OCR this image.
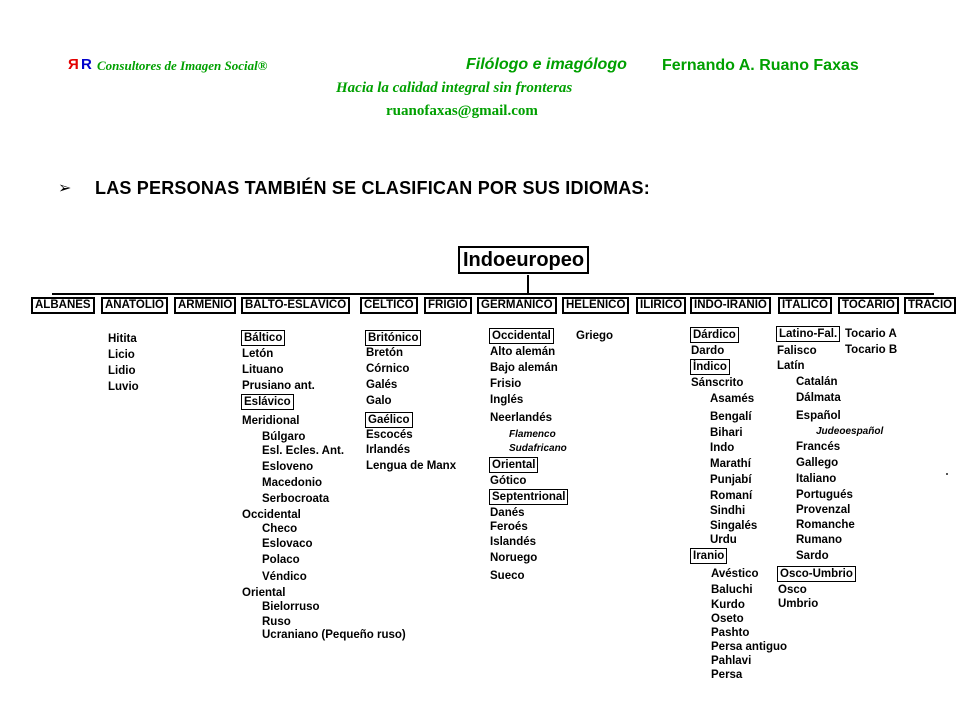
Я R Consultores de Imagen Social®	Filólogo e imagólogo Fernando A. Ruano Faxas
Hacia la calidad integral sin fronteras
ruanofaxas@gmail.com
➢ LAS PERSONAS TAMBIÉN SE CLASIFICAN POR SUS IDIOMAS:
Indoeuropeo
ALBANÉS	ANATOLIO	ARMENIO	BALTO-ESLÁVICO	CÉLTICO	FRIGIO	GERMÁNICO	HELÉNICO	ILÍRICO	INDO-IRANIO	ITÁLICO	TOCARIO	TRACIO
Hitita
Licio
Lidio
Luvio
Báltico
Letón
Lituano
Prusiano ant.
Eslávico
Meridional
Búlgaro
Esl. Ecles. Ant.
Esloveno
Macedonio
Serbocroata
Occidental
Checo
Eslovaco
Polaco
Véndico
Oriental
Bielorruso
Ruso
Ucraniano (Pequeño ruso)
Britónico
Bretón
Córnico
Galés
Galo
Gaélico
Escocés
Irlandés
Lengua de Manx
Occidental
Alto alemán
Bajo alemán
Frisio
Inglés
Neerlandés
Flamenco
Sudafricano
Oriental
Gótico
Septentrional
Danés
Feroés
Islandés
Noruego
Sueco
Griego	Dárdico
Dardo
Índico
Sánscrito
Asamés
Bengalí
Bihari
Indo
Marathí
Punjabí
Romaní
Sindhi
Singalés
Urdu
Iranio
Avéstico
Baluchi
Kurdo
Oseto
Pashto
Persa antiguo
Pahlavi
Persa
Latino-Fal.
Falisco
Latín
Catalán
Dálmata
Español
Judeoespañol
Francés
Gallego
Italiano
Portugués
Provenzal
Romanche
Rumano
Sardo
Osco-Umbrio
Osco
Umbrio
Tocario A
Tocario B
